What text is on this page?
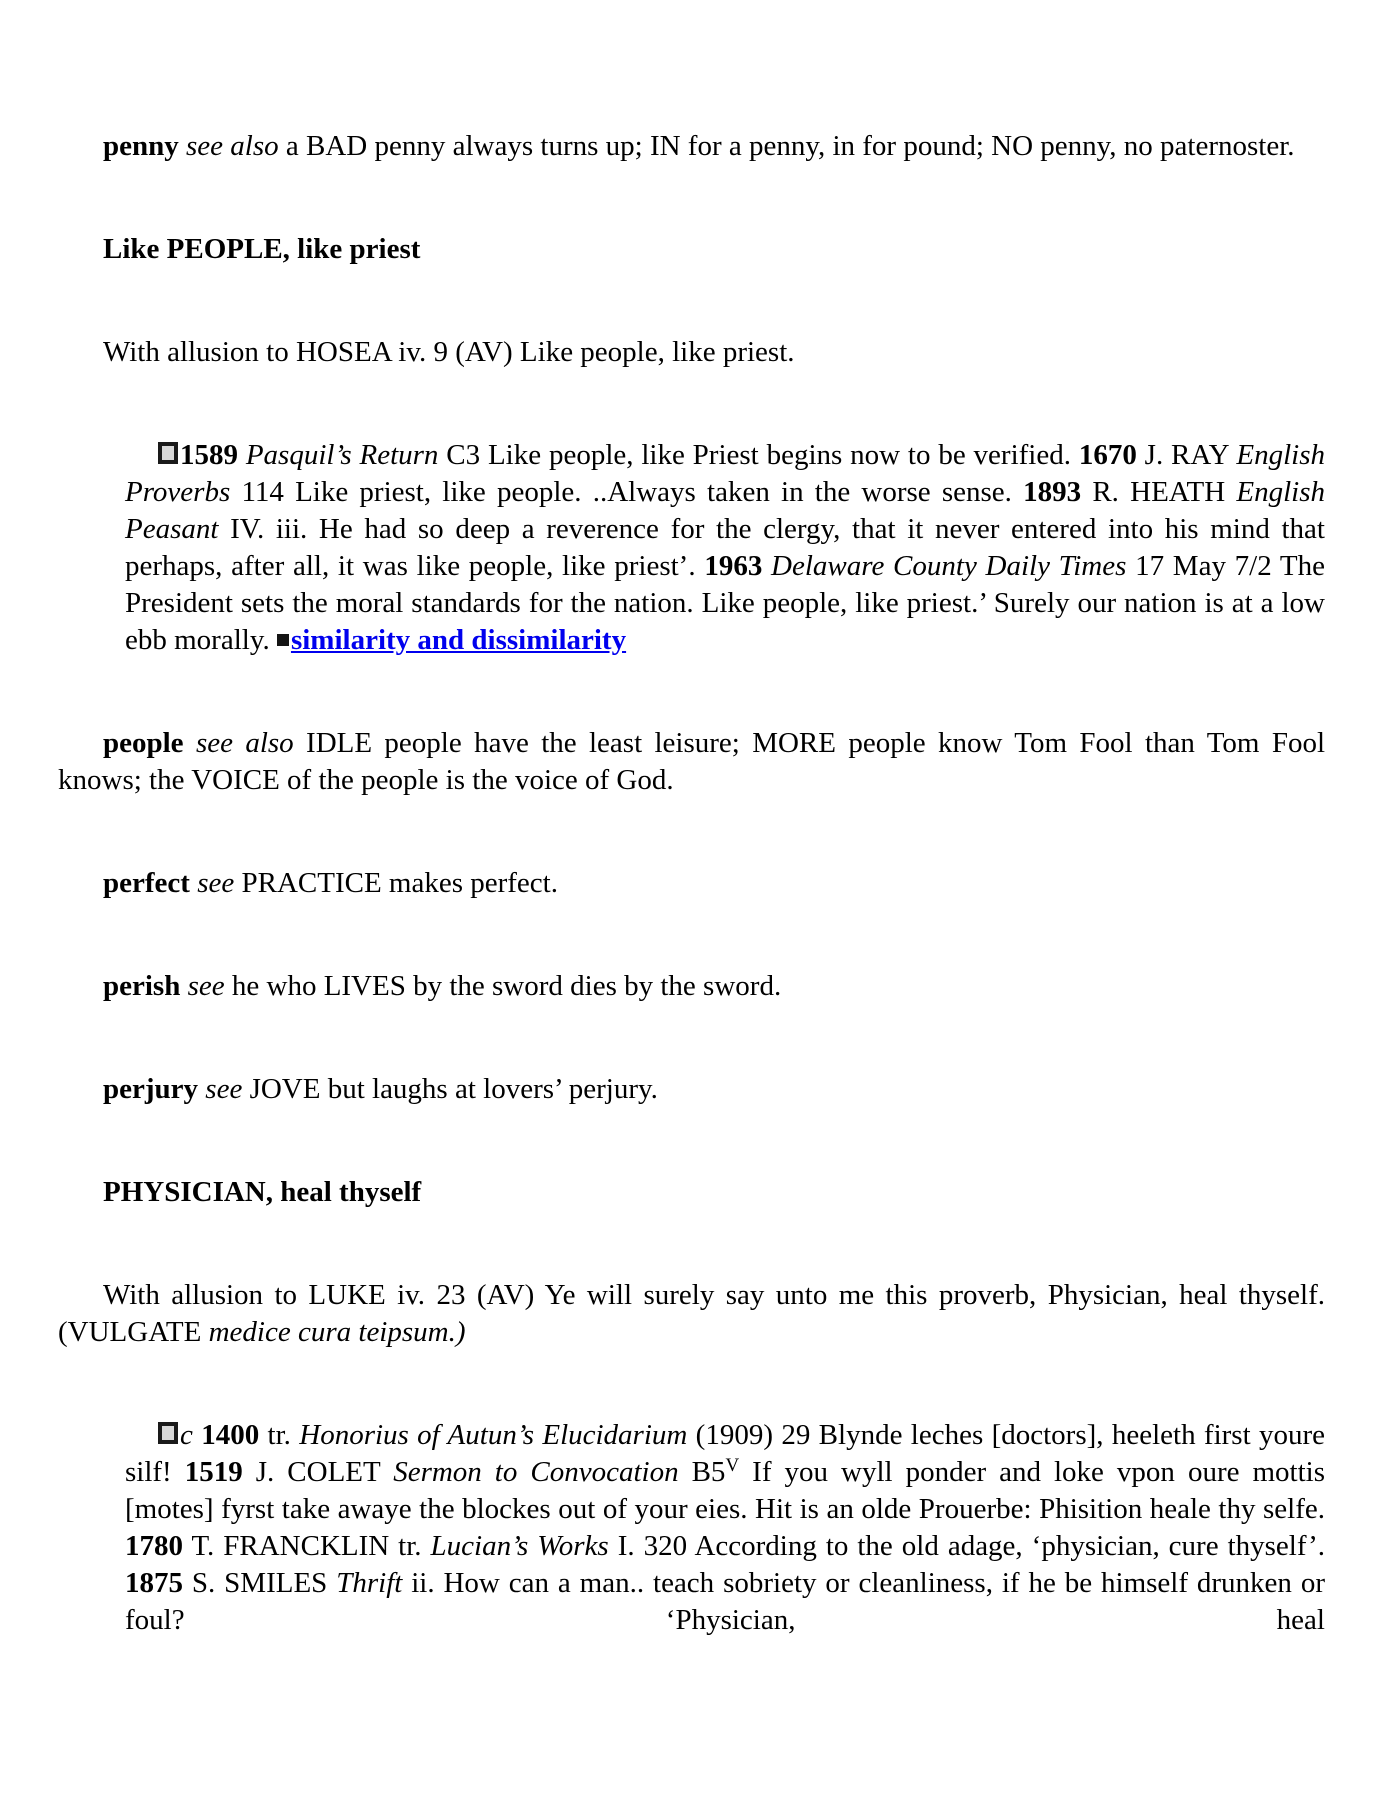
penny see also a BAD penny always turns up; IN for a penny, in for pound; NO penny, no paternoster.

Like PEOPLE, like priest

With allusion to HOSEA iv. 9 (AV) Like people, like priest.

1589 Pasquil’s Return C3 Like people, like Priest begins now to be verified. 1670 J. RAY English Proverbs 114 Like priest, like people. ..Always taken in the worse sense. 1893 R. HEATH English Peasant IV. iii. He had so deep a reverence for the clergy, that it never entered into his mind that perhaps, after all, it was like people, like priest’. 1963 Delaware County Daily Times 17 May 7/2 The President sets the moral standards for the nation. Like people, like priest.’ Surely our nation is at a low ebb morally. similarity and dissimilarity

people see also IDLE people have the least leisure; MORE people know Tom Fool than Tom Fool knows; the VOICE of the people is the voice of God.

perfect see PRACTICE makes perfect.

perish see he who LIVES by the sword dies by the sword.

perjury see JOVE but laughs at lovers’ perjury.

PHYSICIAN, heal thyself

With allusion to LUKE iv. 23 (AV) Ye will surely say unto me this proverb, Physician, heal thyself. (VULGATE medice cura teipsum.)

c 1400 tr. Honorius of Autun’s Elucidarium (1909) 29 Blynde leches [doctors], heeleth first youre silf! 1519 J. COLET Sermon to Convocation $B5^V$ If you wyll ponder and loke vpon oure mottis [motes] fyrst take awaye the blockes out of your eies. Hit is an olde Prouerbe: Phisition heale thy selfe. 1780 T. FRANCKLIN tr. Lucian’s Works I. 320 According to the old adage, ‘physician, cure thyself’. 1875 S. SMILES Thrift ii. How can a man.. teach sobriety or cleanliness, if he be himself drunken or foul? ‘Physician, heal
